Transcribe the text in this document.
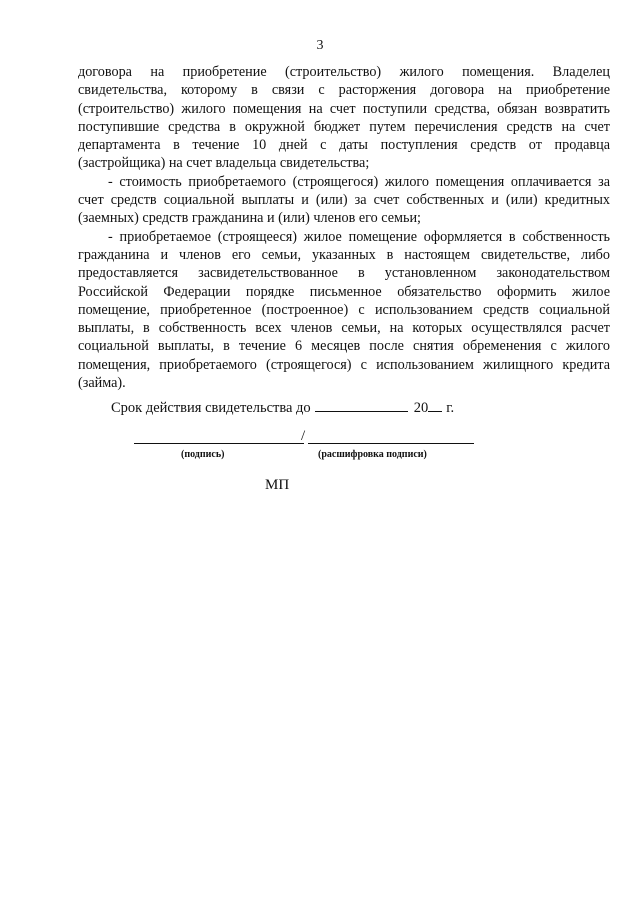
3

договора на приобретение (строительство) жилого помещения. Владелец свидетельства, которому в связи с расторжения договора на приобретение (строительство) жилого помещения на счет поступили средства, обязан возвратить поступившие средства в окружной бюджет путем перечисления средств на счет департамента в течение 10 дней с даты поступления средств от продавца (застройщика) на счет владельца свидетельства;

- стоимость приобретаемого (строящегося) жилого помещения оплачивается за счет средств социальной выплаты и (или) за счет собственных и (или) кредитных (заемных) средств гражданина и (или) членов его семьи;

- приобретаемое (строящееся) жилое помещение оформляется в собственность гражданина и членов его семьи, указанных в настоящем свидетельстве, либо предоставляется засвидетельствованное в установленном законодательством Российской Федерации порядке письменное обязательство оформить жилое помещение, приобретенное (построенное) с использованием средств социальной выплаты, в собственность всех членов семьи, на которых осуществлялся расчет социальной выплаты, в течение 6 месяцев после снятия обременения с жилого помещения, приобретаемого (строящегося) с использованием жилищного кредита (займа).

Срок действия свидетельства до	20 г.
/
(подпись)	(расшифровка подписи)
МП
